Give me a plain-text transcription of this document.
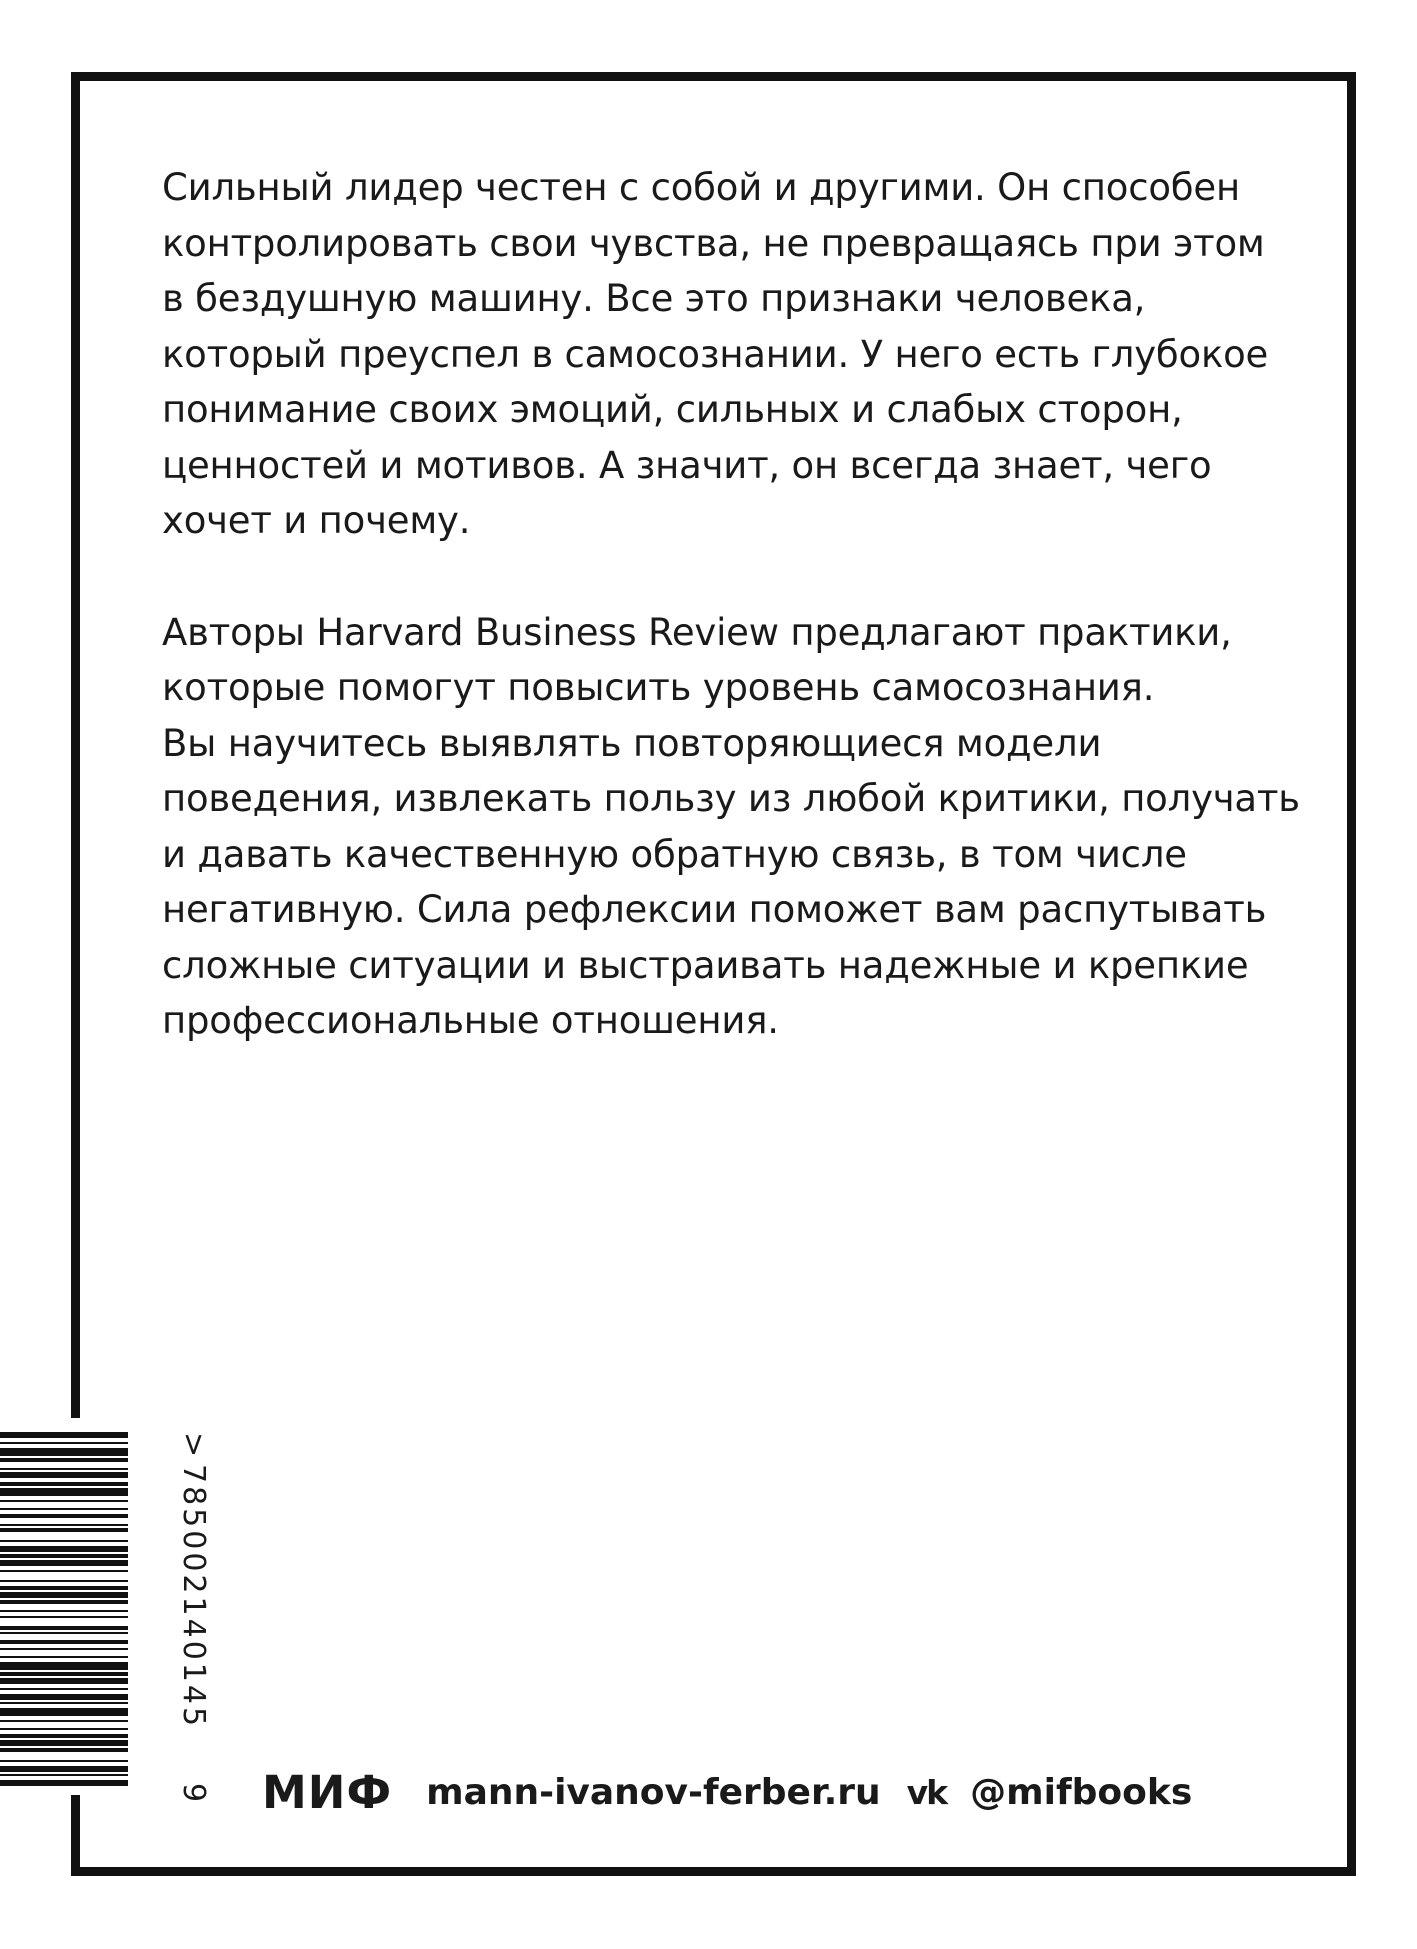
Сильный лидер честен с собой и другими. Он способен
контролировать свои чувства, не превращаясь при этом
в бездушную машину. Все это признаки человека,
который преуспел в самосознании. У него есть глубокое
понимание своих эмоций, сильных и слабых сторон,
ценностей и мотивов. А значит, он всегда знает, чего
хочет и почему.

Авторы Harvard Business Review предлагают практики,
которые помогут повысить уровень самосознания.
Вы научитесь выявлять повторяющиеся модели
поведения, извлекать пользу из любой критики, получать
и давать качественную обратную связь, в том числе
негативную. Сила рефлексии поможет вам распутывать
сложные ситуации и выстраивать надежные и крепкие
профессиональные отношения.

>
785002140145
9 МИФ mann-ivanov-ferber.ru vk @mifbooks
